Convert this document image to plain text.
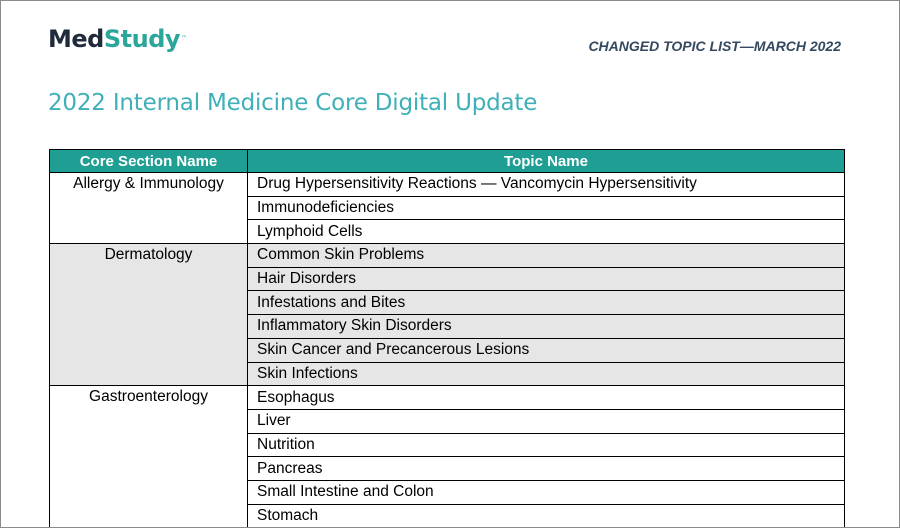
MedStudy™	CHANGED TOPIC LIST—MARCH 2022
2022 Internal Medicine Core Digital Update
Core Section Name	Topic Name
Allergy & Immunology	Drug Hypersensitivity Reactions — Vancomycin Hypersensitivity
	Immunodeficiencies
	Lymphoid Cells
Dermatology	Common Skin Problems
	Hair Disorders
	Infestations and Bites
	Inflammatory Skin Disorders
	Skin Cancer and Precancerous Lesions
	Skin Infections
Gastroenterology	Esophagus
	Liver
	Nutrition
	Pancreas
	Small Intestine and Colon
	Stomach
